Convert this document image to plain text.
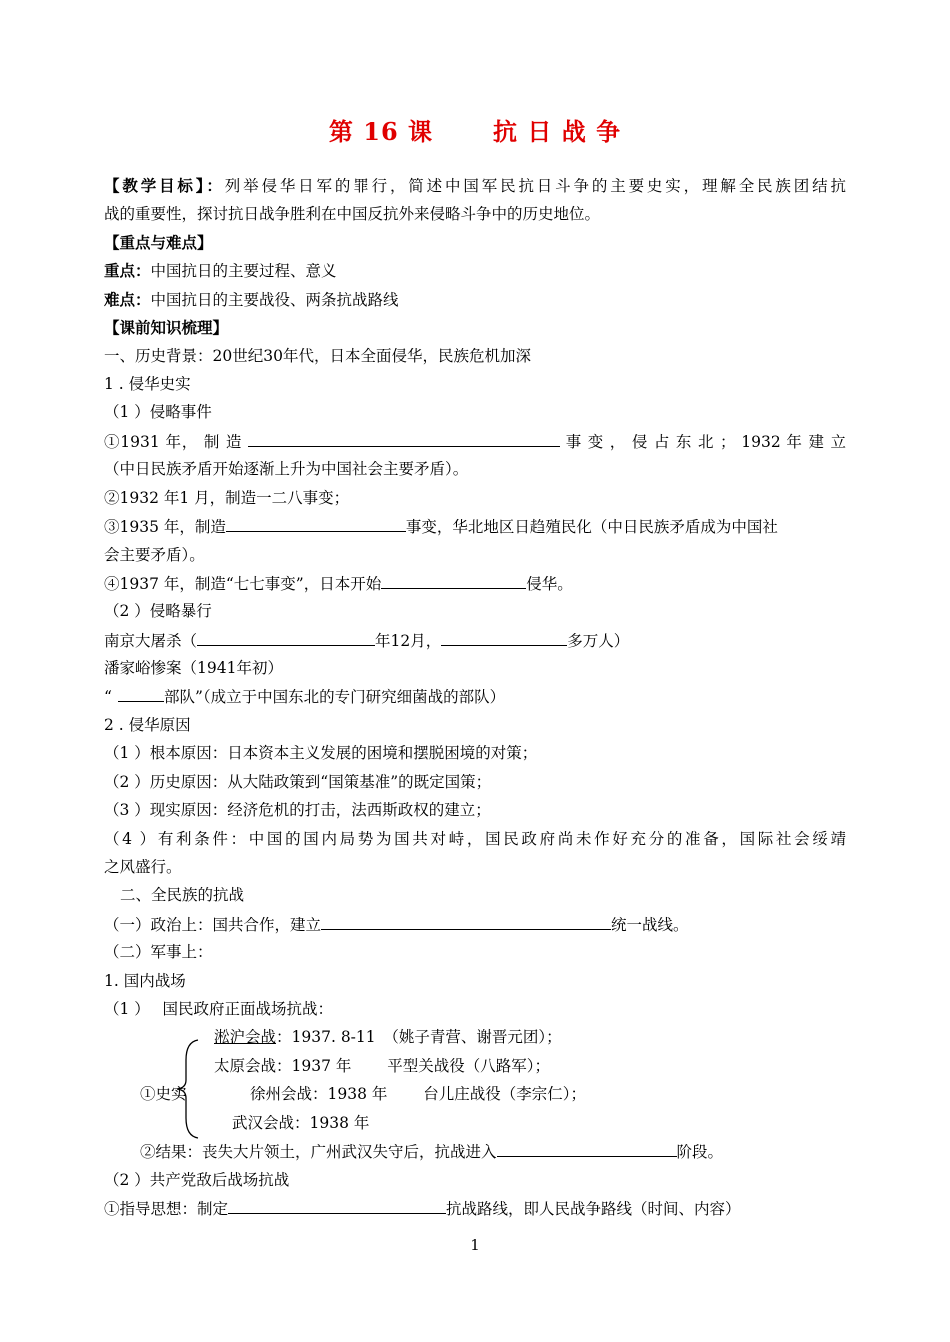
第 16 课	抗 日 战 争
【教学目标】：列举侵华日军的罪行，简述中国军民抗日斗争的主要史实，理解全民族团结抗
战的重要性，探讨抗日战争胜利在中国反抗外来侵略斗争中的历史地位。
【重点与难点】
重点：中国抗日的主要过程、意义
难点：中国抗日的主要战役、两条抗战路线
【课前知识梳理】
一、历史背景：20世纪30年代，日本全面侵华，民族危机加深
1 . 侵华史实
（1 ）侵略事件
①1931 年， 制 造	事 变 ， 侵 占 东 北 ； 1932 年 建 立
（中日民族矛盾开始逐渐上升为中国社会主要矛盾）。
②1932 年1 月，制造一二八事变；
③1935 年，制造	事变，华北地区日趋殖民化（中日民族矛盾成为中国社
会主要矛盾）。
④1937 年，制造“七七事变”，日本开始	侵华。
（2 ）侵略暴行
南京大屠杀（	年12月，	多万人）
潘家峪惨案（1941年初）
“	部队”（成立于中国东北的专门研究细菌战的部队）
2 . 侵华原因
（1 ）根本原因：日本资本主义发展的困境和摆脱困境的对策；
（2 ）历史原因：从大陆政策到“国策基准”的既定国策；
（3 ）现实原因：经济危机的打击，法西斯政权的建立；
（4 ）有利条件：中国的国内局势为国共对峙，国民政府尚未作好充分的准备，国际社会绥靖
之风盛行。
二、全民族的抗战
（一）政治上：国共合作，建立	统一战线。
（二）军事上：
1. 国内战场
（1 ）　 国民政府正面战场抗战：
淞沪会战：1937. 8-11　（姚子青营、谢晋元团）；
太原会战：1937 年　　 平型关战役（八路军）；
①史实	徐州会战：1938 年　　 台儿庄战役（李宗仁）；
武汉会战：1938 年
②结果：丧失大片领土，广州武汉失守后，抗战进入	阶段。
（2 ）共产党敌后战场抗战
①指导思想：制定	抗战路线，即人民战争路线（时间、内容）
1
